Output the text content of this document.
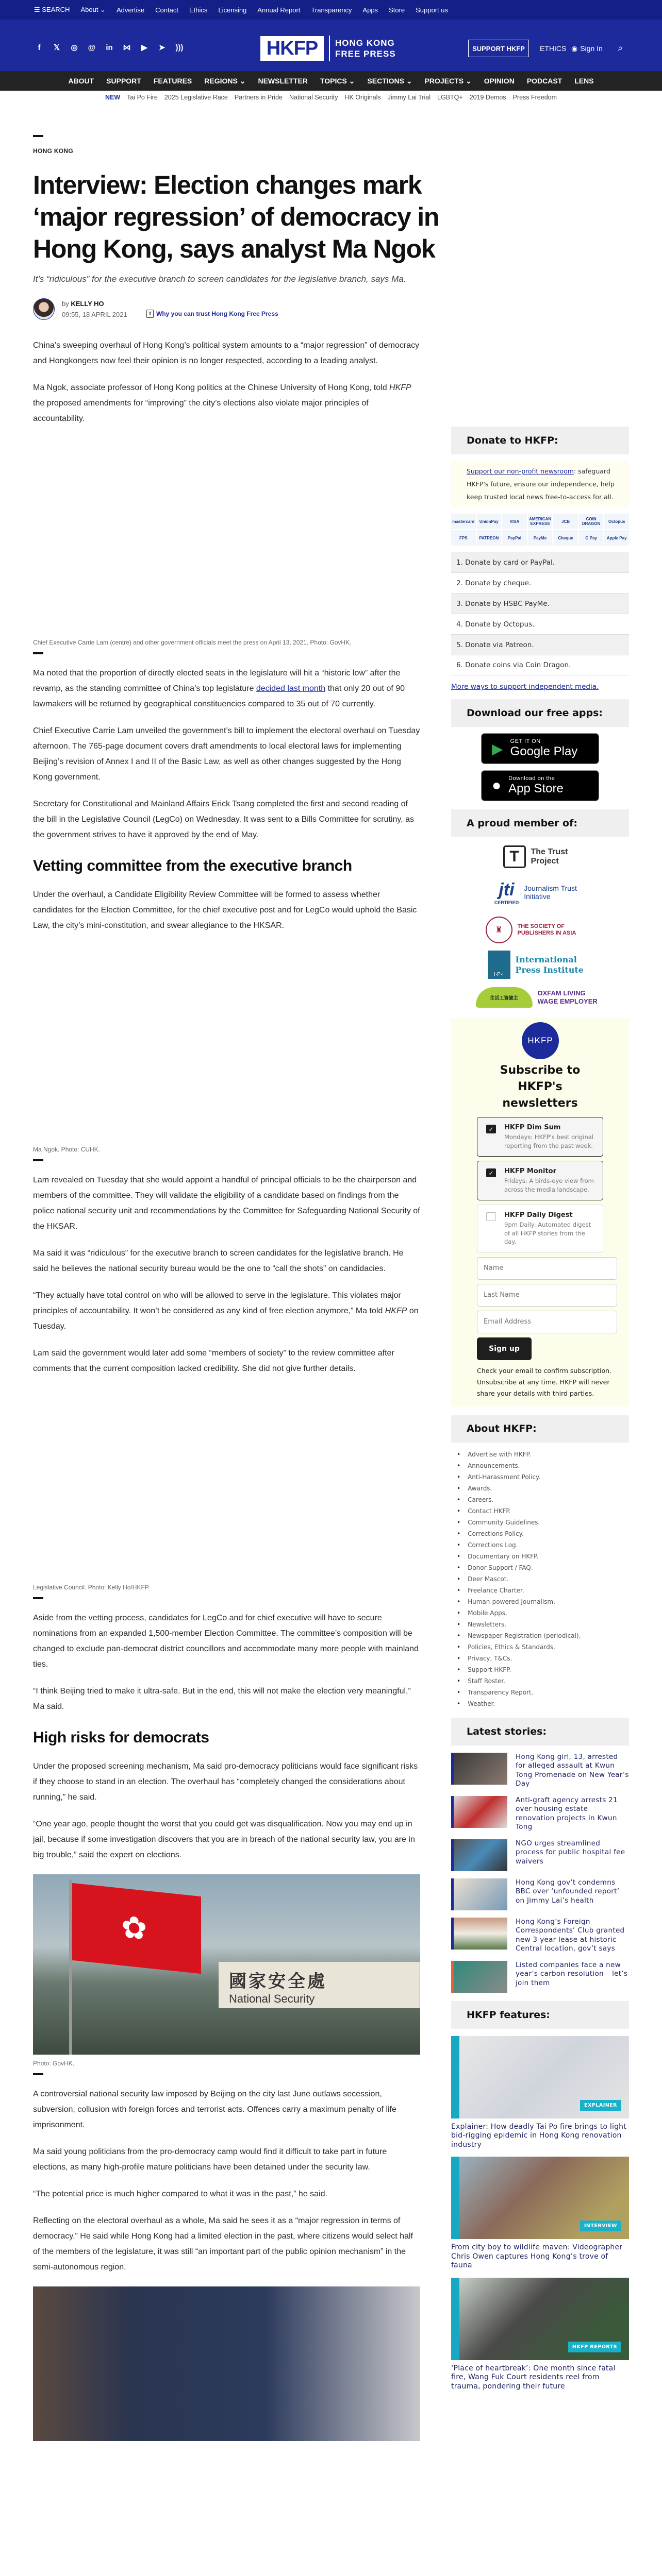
☰ SEARCH About ⌄ Advertise Contact Ethics Licensing Annual Report Transparency Apps Store Support us
f	𝕏 ◎ @ in ⋈ ▶ ➤ )))	HKFP	HONG KONG
FREE PRESS
SUPPORT HKFP	ETHICS ◉ Sign In ⌕
ABOUT SUPPORT FEATURES REGIONS ⌄ NEWSLETTER TOPICS ⌄ SECTIONS ⌄ PROJECTS ⌄ OPINION PODCAST LENS
NEW Tai Po Fire 2025 Legislative Race Partners in Pride National Security HK Originals Jimmy Lai Trial LGBTQ+ 2019 Demos Press Freedom
HONG KONG
Interview: Election changes mark ‘major regression’ of democracy in Hong Kong, says analyst Ma Ngok
It’s “ridiculous” for the executive branch to screen candidates for the legislative branch, says Ma.
by KELLY HO
09:55, 18 APRIL 2021	T Why you can trust Hong Kong Free Press

China’s sweeping overhaul of Hong Kong’s political system amounts to a “major regression” of democracy and Hongkongers now feel their opinion is no longer respected, according to a leading analyst.

Ma Ngok, associate professor of Hong Kong politics at the Chinese University of Hong Kong, told HKFP the proposed amendments for “improving” the city’s elections also violate major principles of accountability.

Chief Executive Carrie Lam (centre) and other government officials meet the press on April 13, 2021. Photo: GovHK.

Ma noted that the proportion of directly elected seats in the legislature will hit a “historic low” after the revamp, as the standing committee of China’s top legislature decided last month that only 20 out of 90 lawmakers will be returned by geographical constituencies compared to 35 out of 70 currently.

Chief Executive Carrie Lam unveiled the government’s bill to implement the electoral overhaul on Tuesday afternoon. The 765-page document covers draft amendments to local electoral laws for implementing Beijing’s revision of Annex I and II of the Basic Law, as well as other changes suggested by the Hong Kong government.

Secretary for Constitutional and Mainland Affairs Erick Tsang completed the first and second reading of the bill in the Legislative Council (LegCo) on Wednesday. It was sent to a Bills Committee for scrutiny, as the government strives to have it approved by the end of May.

Vetting committee from the executive branch

Under the overhaul, a Candidate Eligibility Review Committee will be formed to assess whether candidates for the Election Committee, for the chief executive post and for LegCo would uphold the Basic Law, the city’s mini-constitution, and swear allegiance to the HKSAR.

Ma Ngok. Photo: CUHK.

Lam revealed on Tuesday that she would appoint a handful of principal officials to be the chairperson and members of the committee. They will validate the eligibility of a candidate based on findings from the police national security unit and recommendations by the Committee for Safeguarding National Security of the HKSAR.

Ma said it was “ridiculous” for the executive branch to screen candidates for the legislative branch. He said he believes the national security bureau would be the one to “call the shots” on candidacies.

“They actually have total control on who will be allowed to serve in the legislature. This violates major principles of accountability. It won’t be considered as any kind of free election anymore,” Ma told HKFP on Tuesday.

Lam said the government would later add some “members of society” to the review committee after comments that the current composition lacked credibility. She did not give further details.

Legislative Council. Photo: Kelly Ho/HKFP.

Aside from the vetting process, candidates for LegCo and for chief executive will have to secure nominations from an expanded 1,500-member Election Committee. The committee’s composition will be changed to exclude pan-democrat district councillors and accommodate many more people with mainland ties.

“I think Beijing tried to make it ultra-safe. But in the end, this will not make the election very meaningful,” Ma said.

High risks for democrats

Under the proposed screening mechanism, Ma said pro-democracy politicians would face significant risks if they choose to stand in an election. The overhaul has “completely changed the considerations about running,” he said.

“One year ago, people thought the worst that you could get was disqualification. Now you may end up in jail, because if some investigation discovers that you are in breach of the national security law, you are in big trouble,” said the expert on elections.

✿
國家安全處
National Security
Photo: GovHK.

A controversial national security law imposed by Beijing on the city last June outlaws secession, subversion, collusion with foreign forces and terrorist acts. Offences carry a maximum penalty of life imprisonment.

Ma said young politicians from the pro-democracy camp would find it difficult to take part in future elections, as many high-profile mature politicians have been detained under the security law.

“The potential price is much higher compared to what it was in the past,” he said.

Reflecting on the electoral overhaul as a whole, Ma said he sees it as a “major regression in terms of democracy.” He said while Hong Kong had a limited election in the past, where citizens would select half of the members of the legislature, it was still “an important part of the public opinion mechanism” in the semi-autonomous region.

Donate to HKFP:
Support our non-profit newsroom: safeguard HKFP's future, ensure our independence, help keep trusted local news free-to-access for all.
mastercard	UnionPay	VISA	AMERICAN EXPRESS	JCB	COIN DRAGON	Octopus
FPS	PATREON	PayPal	PayMe	Cheque	G Pay	Apple Pay
1. Donate by card or PayPal.
2. Donate by cheque.
3. Donate by HSBC PayMe.
4. Donate by Octopus.
5. Donate via Patreon.
6. Donate coins via Coin Dragon.
More ways to support independent media.
Download our free apps:
▶ GET IT ON
Google Play
● Download on the
App Store
A proud member of:
T	The Trust Project
jti
CERTIFIED
Journalism Trust Initiative
♜	THE SOCIETY OF PUBLISHERS IN ASIA
I·P·I
International Press Institute
生活工資僱主
OXFAM LIVING WAGE EMPLOYER
HKFP
Subscribe to HKFP's newsletters
✓	HKFP Dim Sum
Mondays: HKFP's best original reporting from the past week.
✓	HKFP Monitor
Fridays: A birds-eye view from across the media landscape.
HKFP Daily Digest
9pm Daily: Automated digest of all HKFP stories from the day.
Name
Last Name
Email Address
Sign up
Check your email to confirm subscription. Unsubscribe at any time. HKFP will never share your details with third parties.
About HKFP:
• Advertise with HKFP.
• Announcements.
• Anti-Harassment Policy.
• Awards.
• Careers.
• Contact HKFP.
• Community Guidelines.
• Corrections Policy.
• Corrections Log.
• Documentary on HKFP.
• Donor Support / FAQ.
• Deer Mascot.
• Freelance Charter.
• Human-powered Journalism.
• Mobile Apps.
• Newsletters.
• Newspaper Registration (periodical).
• Policies, Ethics & Standards.
• Privacy, T&Cs.
• Support HKFP.
• Staff Roster.
• Transparency Report.
• Weather.
Latest stories:
Hong Kong girl, 13, arrested for alleged assault at Kwun Tong Promenade on New Year’s Day
Anti-graft agency arrests 21 over housing estate renovation projects in Kwun Tong
NGO urges streamlined process for public hospital fee waivers
Hong Kong gov’t condemns BBC over ‘unfounded report’ on Jimmy Lai’s health
Hong Kong’s Foreign Correspondents’ Club granted new 3-year lease at historic Central location, gov’t says
Listed companies face a new year’s carbon resolution – let’s join them
HKFP features:
HONG KONG FREE PRESS
EXPLAINER
Explainer: How deadly Tai Po fire brings to light bid-rigging epidemic in Hong Kong renovation industry
HONG KONG FREE PRESS
INTERVIEW
From city boy to wildlife maven: Videographer Chris Owen captures Hong Kong’s trove of fauna
HONG KONG FREE PRESS
HKFP REPORTS
‘Place of heartbreak’: One month since fatal fire, Wang Fuk Court residents reel from trauma, pondering their future
